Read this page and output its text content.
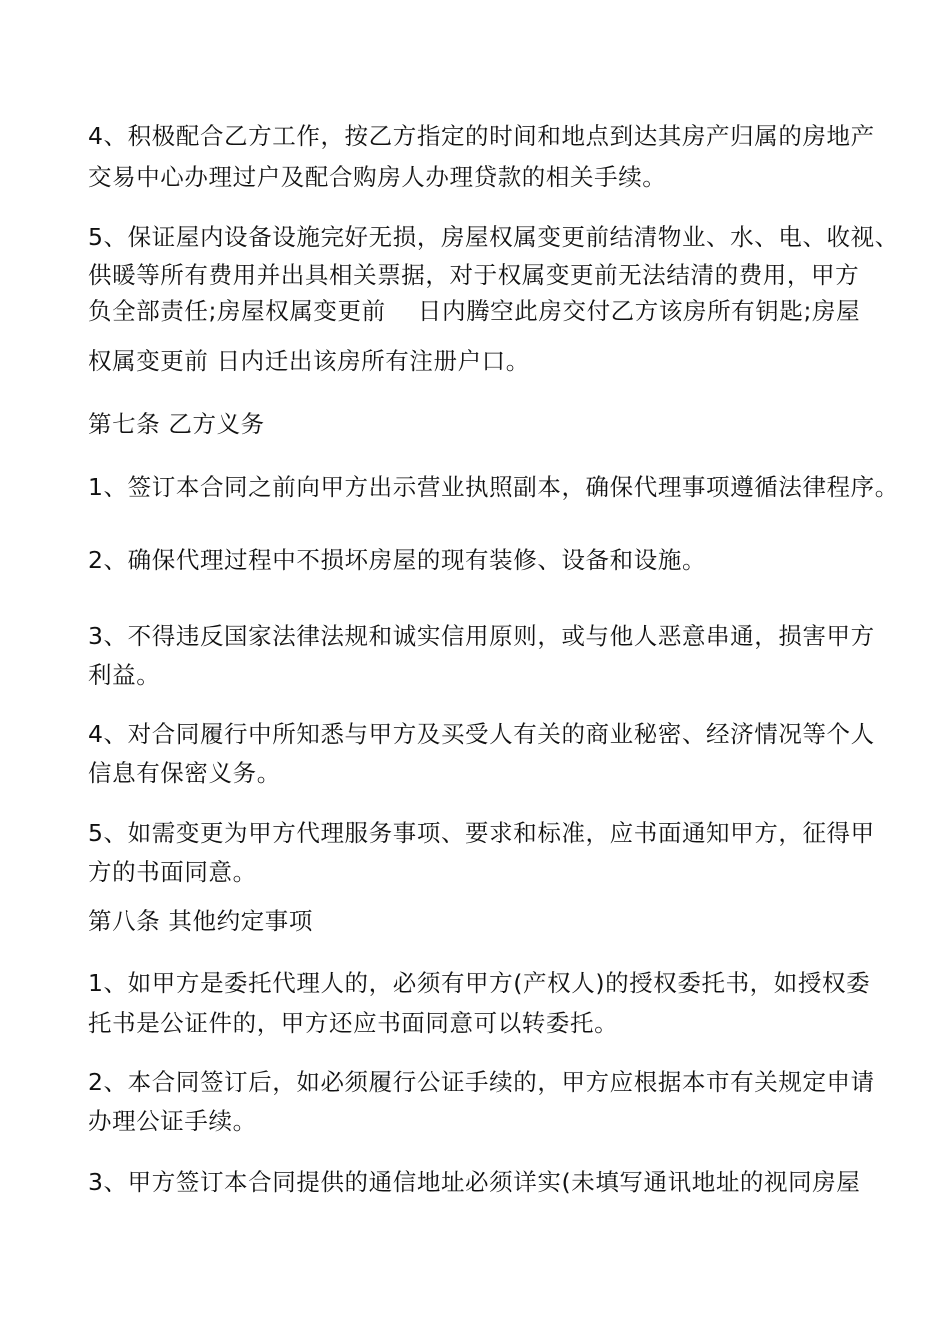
4、积极配合乙方工作，按乙方指定的时间和地点到达其房产归属的房地产
交易中心办理过户及配合购房人办理贷款的相关手续。
5、保证屋内设备设施完好无损，房屋权属变更前结清物业、水、电、收视、
供暖等所有费用并出具相关票据，对于权属变更前无法结清的费用，甲方
负全部责任;房屋权属变更前　 日内腾空此房交付乙方该房所有钥匙;房屋
权属变更前 日内迁出该房所有注册户口。
第七条 乙方义务
1、签订本合同之前向甲方出示营业执照副本，确保代理事项遵循法律程序。
2、确保代理过程中不损坏房屋的现有装修、设备和设施。
3、不得违反国家法律法规和诚实信用原则，或与他人恶意串通，损害甲方
利益。
4、对合同履行中所知悉与甲方及买受人有关的商业秘密、经济情况等个人
信息有保密义务。
5、如需变更为甲方代理服务事项、要求和标准，应书面通知甲方，征得甲
方的书面同意。
第八条 其他约定事项
1、如甲方是委托代理人的，必须有甲方(产权人)的授权委托书，如授权委
托书是公证件的，甲方还应书面同意可以转委托。
2、本合同签订后，如必须履行公证手续的，甲方应根据本市有关规定申请
办理公证手续。
3、甲方签订本合同提供的通信地址必须详实(未填写通讯地址的视同房屋
